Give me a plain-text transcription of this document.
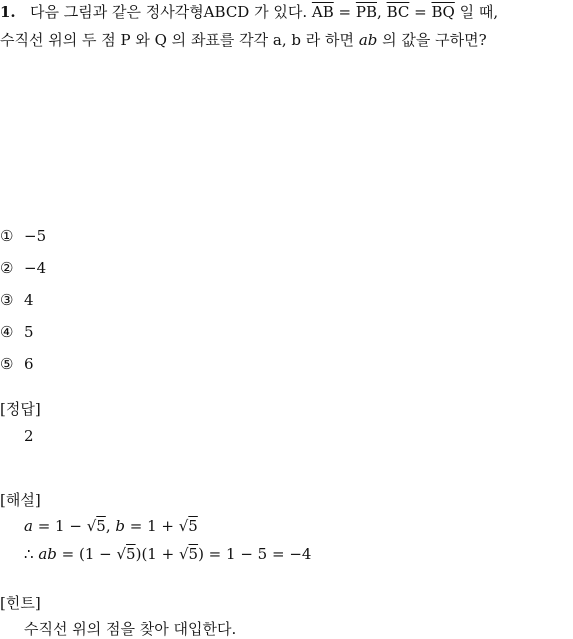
1. 다음 그림과 같은 정사각형ABCD 가 있다. $\overline{AB} = \overline{PB}$, $\overline{BC} = \overline{BQ}$ 일 때,
수직선 위의 두 점 P 와 Q 의 좌표를 각각 a, b 라 하면 ab 의 값을 구하면?
① −5
② −4
③ 4
④ 5
⑤ 6
[정답]
2
[해설]
a = 1 − √5, b = 1 + √5
∴ ab = (1 − √5)(1 + √5) = 1 − 5 = −4
[힌트]
수직선 위의 점을 찾아 대입한다.
